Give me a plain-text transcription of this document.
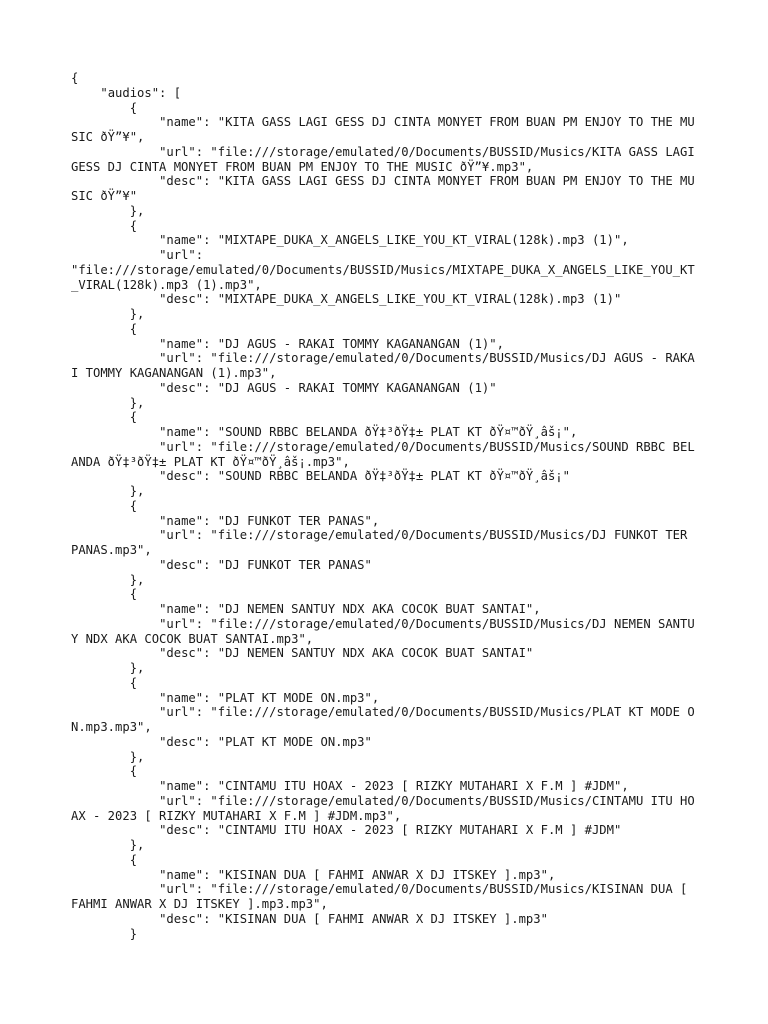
{
"audios": [
{
"name": "KITA GASS LAGI GESS DJ CINTA MONYET FROM BUAN PM ENJOY TO THE MUSIC ðŸ”¥",
"url": "file:///storage/emulated/0/Documents/BUSSID/Musics/KITA GASS LAGI GESS DJ CINTA MONYET FROM BUAN PM ENJOY TO THE MUSIC ðŸ”¥.mp3",
"desc": "KITA GASS LAGI GESS DJ CINTA MONYET FROM BUAN PM ENJOY TO THE MUSIC ðŸ”¥"
},
{
"name": "MIXTAPE_DUKA_X_ANGELS_LIKE_YOU_KT_VIRAL(128k).mp3 (1)",
"url":
"file:///storage/emulated/0/Documents/BUSSID/Musics/MIXTAPE_DUKA_X_ANGELS_LIKE_YOU_KT_VIRAL(128k).mp3 (1).mp3",
"desc": "MIXTAPE_DUKA_X_ANGELS_LIKE_YOU_KT_VIRAL(128k).mp3 (1)"
},
{
"name": "DJ AGUS - RAKAI TOMMY KAGANANGAN (1)",
"url": "file:///storage/emulated/0/Documents/BUSSID/Musics/DJ AGUS - RAKAI TOMMY KAGANANGAN (1).mp3",
"desc": "DJ AGUS - RAKAI TOMMY KAGANANGAN (1)"
},
{
"name": "SOUND RBBC BELANDA ðŸ‡³ðŸ‡± PLAT KT ðŸ¤™ðŸ¸âš¡",
"url": "file:///storage/emulated/0/Documents/BUSSID/Musics/SOUND RBBC BELANDA ðŸ‡³ðŸ‡± PLAT KT ðŸ¤™ðŸ¸âš¡.mp3",
"desc": "SOUND RBBC BELANDA ðŸ‡³ðŸ‡± PLAT KT ðŸ¤™ðŸ¸âš¡"
},
{
"name": "DJ FUNKOT TER PANAS",
"url": "file:///storage/emulated/0/Documents/BUSSID/Musics/DJ FUNKOT TER PANAS.mp3",
"desc": "DJ FUNKOT TER PANAS"
},
{
"name": "DJ NEMEN SANTUY NDX AKA COCOK BUAT SANTAI",
"url": "file:///storage/emulated/0/Documents/BUSSID/Musics/DJ NEMEN SANTUY NDX AKA COCOK BUAT SANTAI.mp3",
"desc": "DJ NEMEN SANTUY NDX AKA COCOK BUAT SANTAI"
},
{
"name": "PLAT KT MODE ON.mp3",
"url": "file:///storage/emulated/0/Documents/BUSSID/Musics/PLAT KT MODE ON.mp3.mp3",
"desc": "PLAT KT MODE ON.mp3"
},
{
"name": "CINTAMU ITU HOAX - 2023 [ RIZKY MUTAHARI X F.M ] #JDM",
"url": "file:///storage/emulated/0/Documents/BUSSID/Musics/CINTAMU ITU HOAX - 2023 [ RIZKY MUTAHARI X F.M ] #JDM.mp3",
"desc": "CINTAMU ITU HOAX - 2023 [ RIZKY MUTAHARI X F.M ] #JDM"
},
{
"name": "KISINAN DUA [ FAHMI ANWAR X DJ ITSKEY ].mp3",
"url": "file:///storage/emulated/0/Documents/BUSSID/Musics/KISINAN DUA [ FAHMI ANWAR X DJ ITSKEY ].mp3.mp3",
"desc": "KISINAN DUA [ FAHMI ANWAR X DJ ITSKEY ].mp3"
}
